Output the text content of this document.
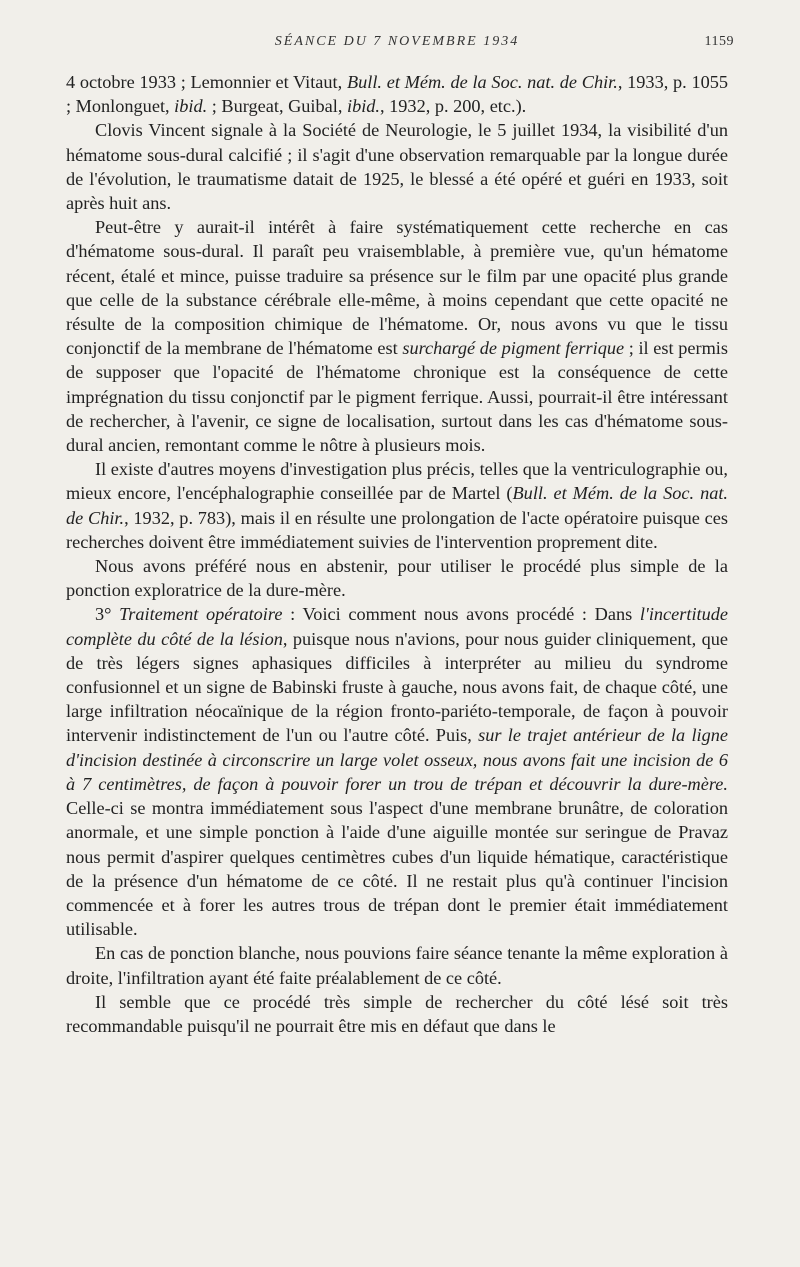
SÉANCE DU 7 NOVEMBRE 1934	1159

4 octobre 1933 ; Lemonnier et Vitaut, Bull. et Mém. de la Soc. nat. de Chir., 1933, p. 1055 ; Monlonguet, ibid. ; Burgeat, Guibal, ibid., 1932, p. 200, etc.).

Clovis Vincent signale à la Société de Neurologie, le 5 juillet 1934, la visibilité d'un hématome sous-dural calcifié ; il s'agit d'une observation remarquable par la longue durée de l'évolution, le traumatisme datait de 1925, le blessé a été opéré et guéri en 1933, soit après huit ans.

Peut-être y aurait-il intérêt à faire systématiquement cette recherche en cas d'hématome sous-dural. Il paraît peu vraisemblable, à première vue, qu'un hématome récent, étalé et mince, puisse traduire sa présence sur le film par une opacité plus grande que celle de la substance cérébrale elle-même, à moins cependant que cette opacité ne résulte de la composition chimique de l'hématome. Or, nous avons vu que le tissu conjonctif de la membrane de l'hématome est surchargé de pigment ferrique ; il est permis de supposer que l'opacité de l'hématome chronique est la conséquence de cette imprégnation du tissu conjonctif par le pigment ferrique. Aussi, pourrait-il être intéressant de rechercher, à l'avenir, ce signe de localisation, surtout dans les cas d'hématome sous-dural ancien, remontant comme le nôtre à plusieurs mois.

Il existe d'autres moyens d'investigation plus précis, telles que la ventriculographie ou, mieux encore, l'encéphalographie conseillée par de Martel (Bull. et Mém. de la Soc. nat. de Chir., 1932, p. 783), mais il en résulte une prolongation de l'acte opératoire puisque ces recherches doivent être immédiatement suivies de l'intervention proprement dite.

Nous avons préféré nous en abstenir, pour utiliser le procédé plus simple de la ponction exploratrice de la dure-mère.

3° Traitement opératoire : Voici comment nous avons procédé : Dans l'incertitude complète du côté de la lésion, puisque nous n'avions, pour nous guider cliniquement, que de très légers signes aphasiques difficiles à interpréter au milieu du syndrome confusionnel et un signe de Babinski fruste à gauche, nous avons fait, de chaque côté, une large infiltration néocaïnique de la région fronto-pariéto-temporale, de façon à pouvoir intervenir indistinctement de l'un ou l'autre côté. Puis, sur le trajet antérieur de la ligne d'incision destinée à circonscrire un large volet osseux, nous avons fait une incision de 6 à 7 centimètres, de façon à pouvoir forer un trou de trépan et découvrir la dure-mère. Celle-ci se montra immédiatement sous l'aspect d'une membrane brunâtre, de coloration anormale, et une simple ponction à l'aide d'une aiguille montée sur seringue de Pravaz nous permit d'aspirer quelques centimètres cubes d'un liquide hématique, caractéristique de la présence d'un hématome de ce côté. Il ne restait plus qu'à continuer l'incision commencée et à forer les autres trous de trépan dont le premier était immédiatement utilisable.

En cas de ponction blanche, nous pouvions faire séance tenante la même exploration à droite, l'infiltration ayant été faite préalablement de ce côté.

Il semble que ce procédé très simple de rechercher du côté lésé soit très recommandable puisqu'il ne pourrait être mis en défaut que dans le
